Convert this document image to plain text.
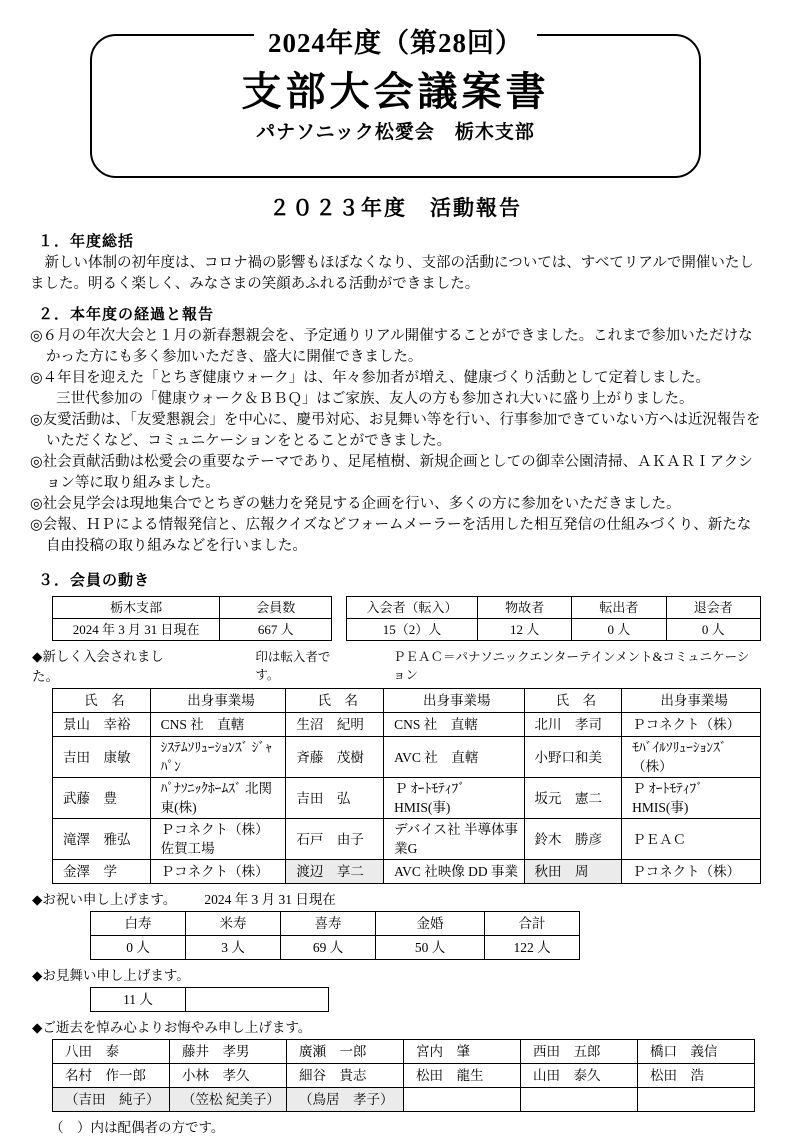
2024年度（第28回）
支部大会議案書
パナソニック松愛会　栃木支部
２０２３年度　活動報告
１．年度総括

新しい体制の初年度は、コロナ禍の影響もほぼなくなり、支部の活動については、すべてリアルで開催いたしました。明るく楽しく、みなさまの笑顔あふれる活動ができました。

２．本年度の経過と報告

◎６月の年次大会と１月の新春懇親会を、予定通りリアル開催することができました。これまで参加いただけなかった方にも多く参加いただき、盛大に開催できました。

◎４年目を迎えた「とちぎ健康ウォーク」は、年々参加者が増え、健康づくり活動として定着しました。

三世代参加の「健康ウォーク＆ＢＢＱ」はご家族、友人の方も参加され大いに盛り上がりました。

◎友愛活動は、「友愛懇親会」を中心に、慶弔対応、お見舞い等を行い、行事参加できていない方へは近況報告をいただくなど、コミュニケーションをとることができました。

◎社会貢献活動は松愛会の重要なテーマであり、足尾植樹、新規企画としての御幸公園清掃、ＡＫＡＲＩアクション等に取り組みました。

◎社会見学会は現地集合でとちぎの魅力を発見する企画を行い、多くの方に参加をいただきました。

◎会報、ＨＰによる情報発信と、広報クイズなどフォームメーラーを活用した相互発信の仕組みづくり、新たな自由投稿の取り組みなどを行いました。

３．会員の動き
栃木支部	会員数
2024 年 3 月 31 日現在	667 人
入会者（転入）	物故者	転出者	退会者
15（2）人	12 人	0 人	0 人
◆新しく入会されました。
印は転入者です。
ＰＥＡＣ＝パナソニックエンターテインメント&コミュニケーション
氏　名	出身事業場	氏　名	出身事業場	氏　名	出身事業場
景山　幸裕	CNS 社　直轄	生沼　紀明	CNS 社　直轄	北川　孝司	Ｐコネクト（株）
吉田　康敏	ｼｽﾃﾑｿﾘｭｰｼｮﾝｽﾞ ｼﾞｬﾊﾟﾝ	斉藤　茂樹	AVC 社　直轄	小野口和美	ﾓﾊﾞｲﾙｿﾘｭｰｼｮﾝｽﾞ（株）
武藤　豊	ﾊﾟﾅｿﾆｯｸﾎｰﾑｽﾞ 北関東(株)	吉田　弘	Ｐ ｵｰﾄﾓﾃｨﾌﾞ HMIS(事)	坂元　憲二	Ｐ ｵｰﾄﾓﾃｨﾌﾞ HMIS(事)
滝澤　雅弘	Ｐコネクト（株）佐賀工場	石戸　由子	デバイス社 半導体事業G	鈴木　勝彦	ＰＥＡＣ
金澤　学	Ｐコネクト（株）	渡辺　享二	AVC 社映像 DD 事業	秋田　周	Ｐコネクト（株）
◆お祝い申し上げます。 2024 年 3 月 31 日現在
白寿	米寿	喜寿	金婚	合計
0 人	3 人	69 人	50 人	122 人
◆お見舞い申し上げます。
11 人	
◆ご逝去を悼み心よりお悔やみ申し上げます。
八田　泰	藤井　孝男	廣瀬　一郎	宮内　肇	西田　五郎	橋口　義信
名村　作一郎	小林　孝久	細谷　貴志	松田　龍生	山田　泰久	松田　浩
（吉田　純子）	（笠松 紀美子）	（鳥居　孝子）			
（　）内は配偶者の方です。
